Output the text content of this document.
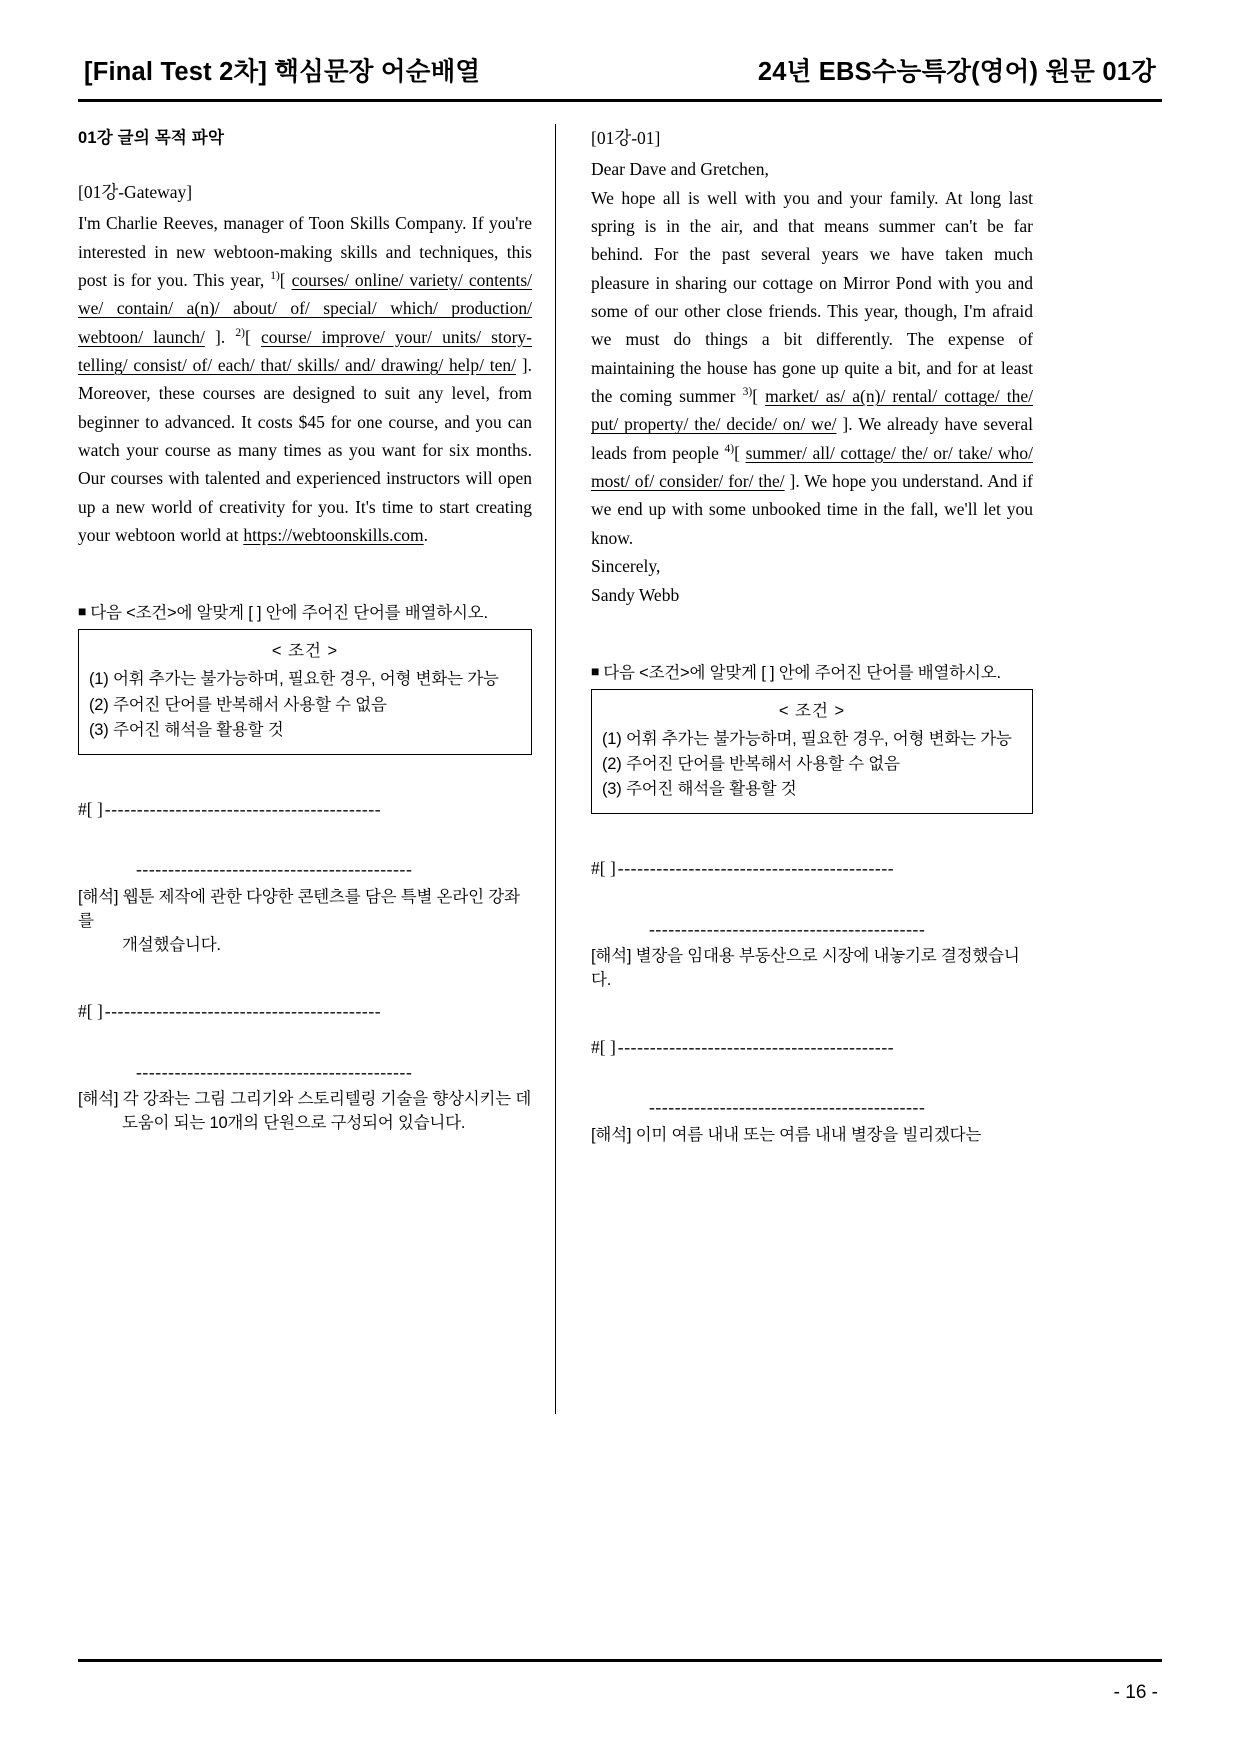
[Final Test 2차] 핵심문장 어순배열	24년 EBS수능특강(영어) 원문 01강
01강 글의 목적 파악
[01강-Gateway]

I'm Charlie Reeves, manager of Toon Skills Company. If you're interested in new webtoon-making skills and techniques, this post is for you. This year, $^{1)}$[ courses/ online/ variety/ contents/ we/ contain/ a(n)/ about/ of/ special/ which/ production/ webtoon/ launch/ ]. $^{2)}$[ course/ improve/ your/ units/ story-telling/ consist/ of/ each/ that/ skills/ and/ drawing/ help/ ten/ ]. Moreover, these courses are designed to suit any level, from beginner to advanced. It costs $45 for one course, and you can watch your course as many times as you want for six months. Our courses with talented and experienced instructors will open up a new world of creativity for you. It's time to start creating your webtoon world at https://webtoonskills.com.

■ 다음 <조건>에 알맞게 [ ] 안에 주어진 단어를 배열하시오.
< 조건 >
(1) 어휘 추가는 불가능하며, 필요한 경우, 어형 변화는 가능
(2) 주어진 단어를 반복해서 사용할 수 없음
(3) 주어진 해석을 활용할 것
#[ ] -------------------------------------------
-------------------------------------------
[해석] 웹툰 제작에 관한 다양한 콘텐츠를 담은 특별 온라인 강좌를
개설했습니다.
#[ ] -------------------------------------------
-------------------------------------------
[해석] 각 강좌는 그림 그리기와 스토리텔링 기술을 향상시키는 데
도움이 되는 10개의 단원으로 구성되어 있습니다.
[01강-01]
Dear Dave and Gretchen,

We hope all is well with you and your family. At long last spring is in the air, and that means summer can't be far behind. For the past several years we have taken much pleasure in sharing our cottage on Mirror Pond with you and some of our other close friends. This year, though, I'm afraid we must do things a bit differently. The expense of maintaining the house has gone up quite a bit, and for at least the coming summer $^{3)}$[ market/ as/ a(n)/ rental/ cottage/ the/ put/ property/ the/ decide/ on/ we/ ]. We already have several leads from people $^{4)}$[ summer/ all/ cottage/ the/ or/ take/ who/ most/ of/ consider/ for/ the/ ]. We hope you understand. And if we end up with some unbooked time in the fall, we'll let you know.

Sincerely,
Sandy Webb
■ 다음 <조건>에 알맞게 [ ] 안에 주어진 단어를 배열하시오.
< 조건 >
(1) 어휘 추가는 불가능하며, 필요한 경우, 어형 변화는 가능
(2) 주어진 단어를 반복해서 사용할 수 없음
(3) 주어진 해석을 활용할 것
#[ ] -------------------------------------------
-------------------------------------------
[해석] 별장을 임대용 부동산으로 시장에 내놓기로 결정했습니다.
#[ ] -------------------------------------------
-------------------------------------------
[해석] 이미 여름 내내 또는 여름 내내 별장을 빌리겠다는
- 16 -
